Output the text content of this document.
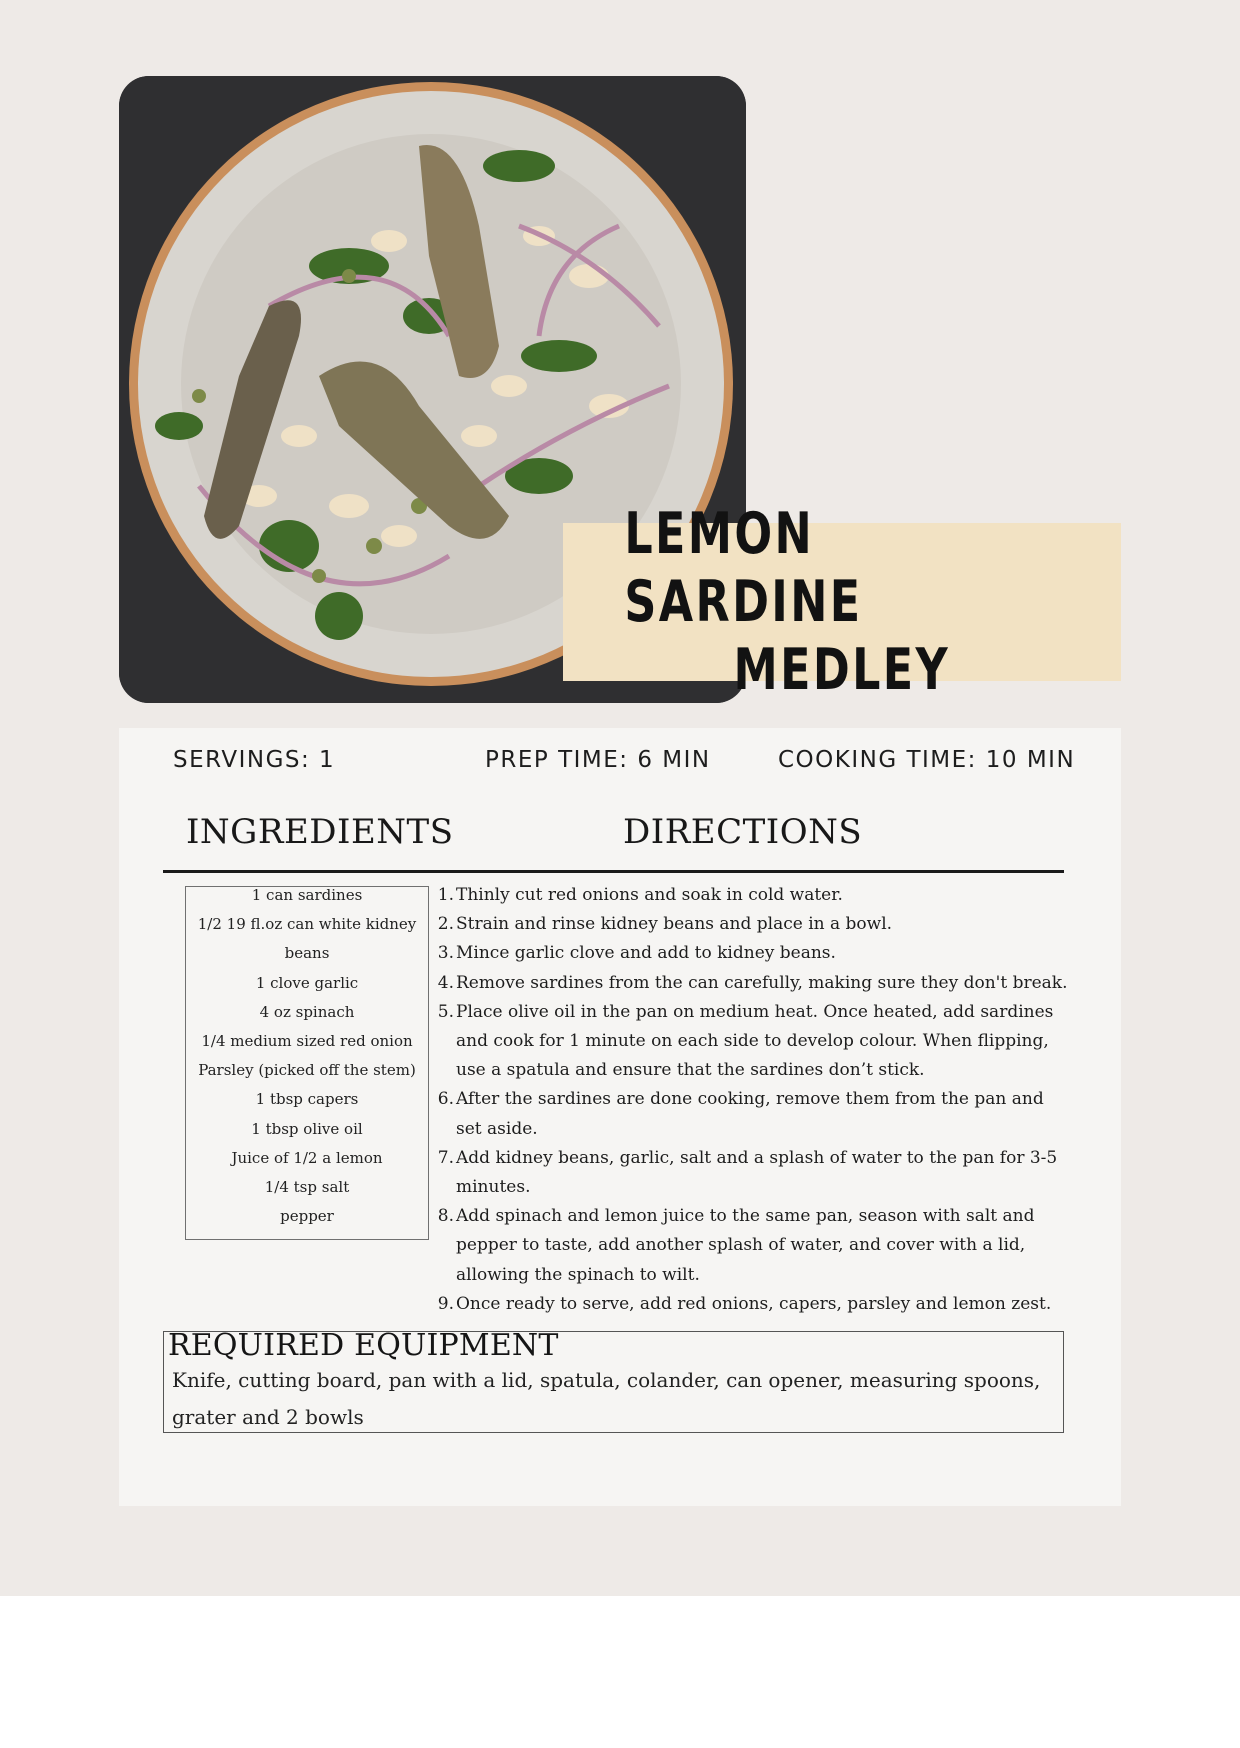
LEMON SARDINE
MEDLEY
SERVINGS: 1	PREP TIME: 6 MIN	COOKING TIME: 10 MIN
INGREDIENTS	DIRECTIONS
1 can sardines
1/2 19 fl.oz can white kidney beans
1 clove garlic
4 oz spinach
1/4 medium sized red onion
Parsley (picked off the stem)
1 tbsp capers
1 tbsp olive oil
Juice of 1/2 a lemon
1/4 tsp salt
pepper
1. Thinly cut red onions and soak in cold water.
2. Strain and rinse kidney beans and place in a bowl.
3. Mince garlic clove and add to kidney beans.
4. Remove sardines from the can carefully, making sure they don't break.
5. Place olive oil in the pan on medium heat. Once heated, add sardines and cook for 1 minute on each side to develop colour. When flipping, use a spatula and ensure that the sardines don’t stick.
6. After the sardines are done cooking, remove them from the pan and set aside.
7. Add kidney beans, garlic, salt and a splash of water to the pan for 3-5 minutes.
8. Add spinach and lemon juice to the same pan, season with salt and pepper to taste, add another splash of water, and cover with a lid, allowing the spinach to wilt.
9. Once ready to serve, add red onions, capers, parsley and lemon zest.
REQUIRED EQUIPMENT
Knife, cutting board, pan with a lid, spatula, colander, can opener, measuring spoons, grater and 2 bowls
